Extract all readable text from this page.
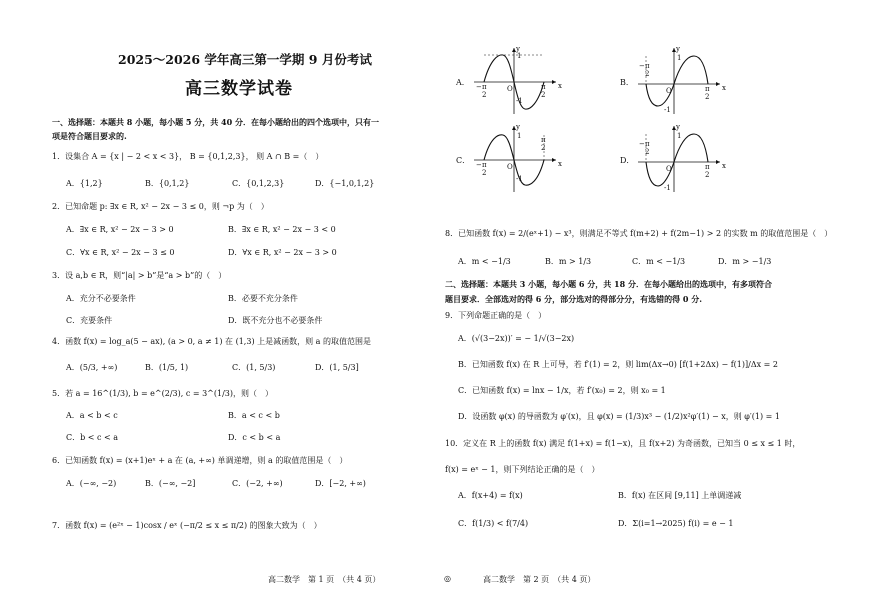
2025～2026 学年高三第一学期 9 月份考试
高三数学试卷
一、选择题：本题共 8 小题，每小题 5 分，共 40 分．在每小题给出的四个选项中，只有一
项是符合题目要求的.
1．设集合 A = {x | − 2 < x < 3}， B = {0,1,2,3}， 则 A ∩ B =（　）
A．{1,2}	B．{0,1,2}	C．{0,1,2,3}	D．{−1,0,1,2}
2．已知命题 p: ∃x ∈ R, x² − 2x − 3 ≤ 0，则 ¬p 为（　）
A．∃x ∈ R, x² − 2x − 3 > 0	B．∃x ∈ R, x² − 2x − 3 < 0
C．∀x ∈ R, x² − 2x − 3 ≤ 0	D．∀x ∈ R, x² − 2x − 3 > 0
3．设 a,b ∈ R，则“|a| > b”是“a > b”的（　）
A．充分不必要条件	B．必要不充分条件
C．充要条件	D．既不充分也不必要条件
4．函数 f(x) = log_a(5 − ax), (a > 0, a ≠ 1) 在 (1,3) 上是减函数，则 a 的取值范围是
A．(5/3, +∞)	B．(1/5, 1)	C．(1, 5/3)	D．(1, 5/3]
5．若 a = 16^(1/3), b = e^(2/3), c = 3^(1/3)，则（　）
A．a < b < c	B．a < c < b
C．b < c < a	D．c < b < a
6．已知函数 f(x) = (x+1)eˣ + a 在 (a, +∞) 单调递增，则 a 的取值范围是（　）
A．(−∞, −2)	B．(−∞, −2]	C．(−2, +∞)	D．[−2, +∞)
7．函数 f(x) = (e²ˣ − 1)cosx / eˣ (−π/2 ≤ x ≤ π/2) 的图象大致为（　）
A．	B．
C．	D．
x
y
O
1
-1
− π
2
π
2
x
y
O
1
-1
− π
2
π
2
x
y
O
1
-1
− π
2
π
2
x
y
O
1
-1
− π
2
π
2
8．已知函数 f(x) = 2/(eˣ+1) − x³，则满足不等式 f(m+2) + f(2m−1) > 2 的实数 m 的取值范围是（　）
A．m < −1/3	B．m > 1/3	C．m < −1/3	D．m > −1/3
二、选择题：本题共 3 小题，每小题 6 分，共 18 分．在每小题给出的选项中，有多项符合
题目要求．全部选对的得 6 分，部分选对的得部分分，有选错的得 0 分.
9．下列命题正确的是（　）
A．(√(3−2x))′ = − 1/√(3−2x)
B．已知函数 f(x) 在 R 上可导，若 f′(1) = 2，则 lim(Δx→0) [f(1+2Δx) − f(1)]/Δx = 2
C．已知函数 f(x) = lnx − 1/x，若 f′(x₀) = 2，则 x₀ = 1
D．设函数 φ(x) 的导函数为 φ′(x)，且 φ(x) = (1/3)x³ − (1/2)x²φ′(1) − x，则 φ′(1) = 1
10．定义在 R 上的函数 f(x) 满足 f(1+x) = f(1−x)，且 f(x+2) 为奇函数，已知当 0 ≤ x ≤ 1 时，
f(x) = eˣ − 1，则下列结论正确的是（　）
A．f(x+4) = f(x)	B．f(x) 在区间 [9,11] 上单调递减
C．f(1/3) < f(7/4)	D．Σ(i=1→2025) f(i) = e − 1
高二数学　第 1 页　（共 4 页）	◎	高二数学　第 2 页　（共 4 页）
